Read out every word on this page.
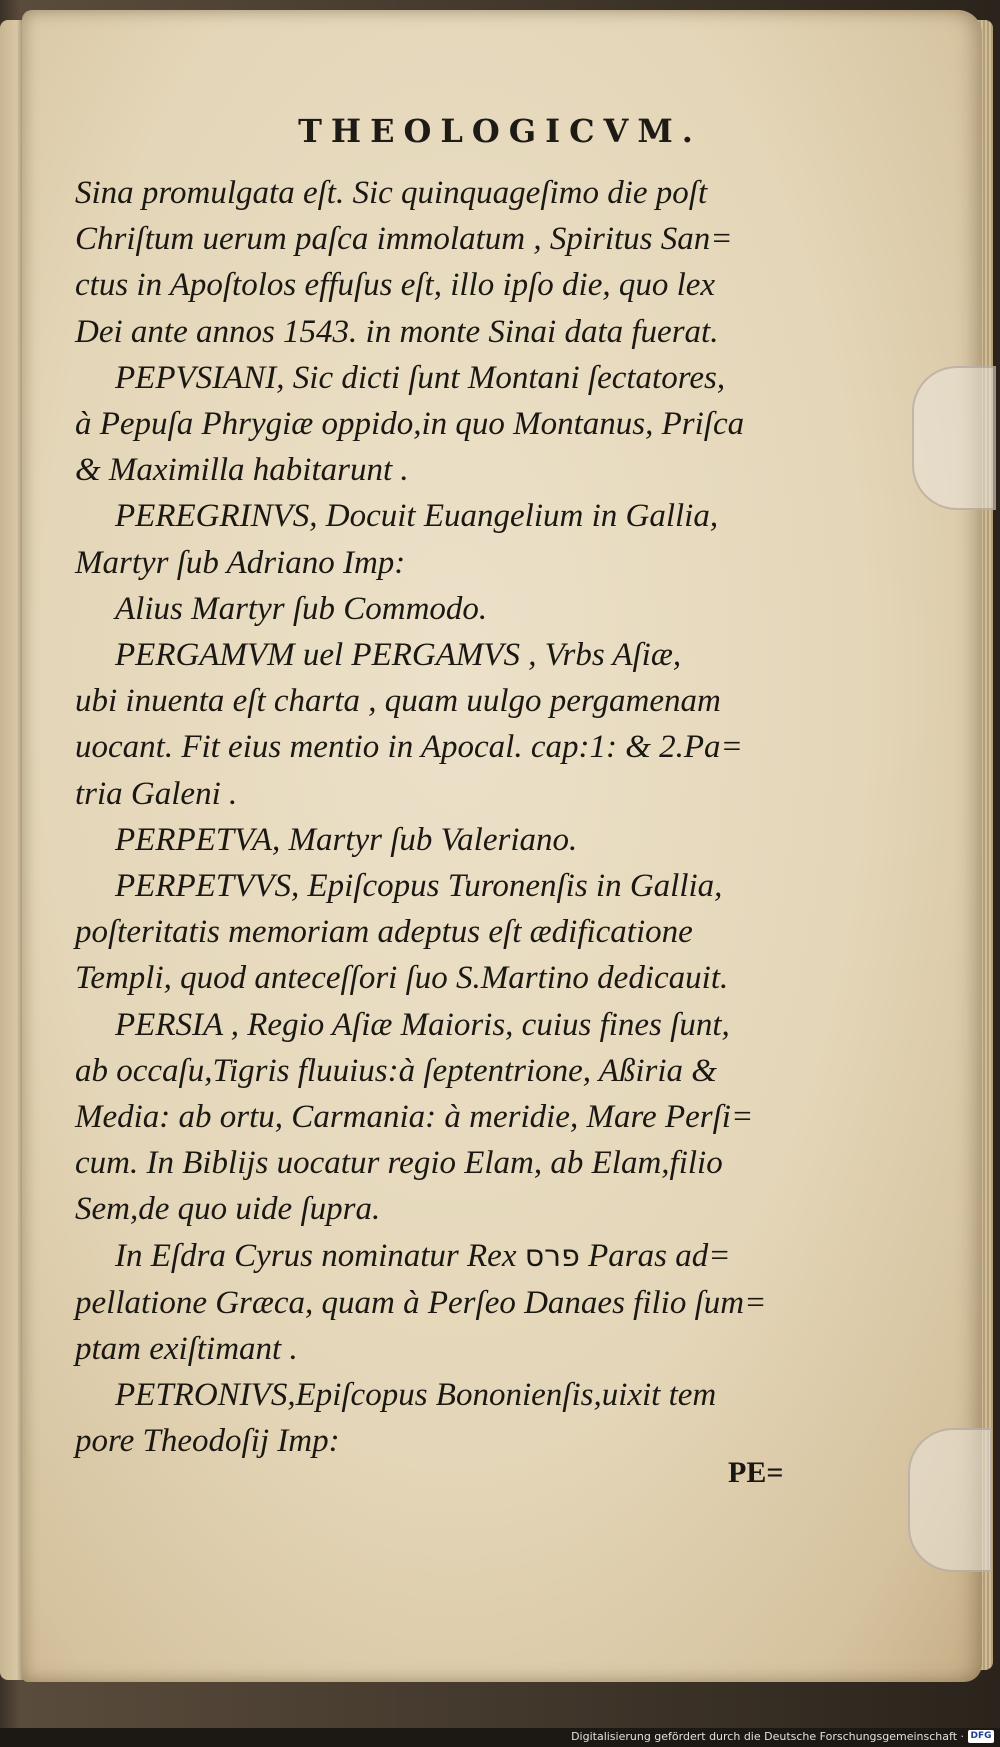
THEOLOGICVM.
Sina promulgata eſt. Sic quinquageſimo die poſt
Chriſtum uerum paſca immolatum , Spiritus San=
ctus in Apoſtolos effuſus eſt, illo ipſo die, quo lex
Dei ante annos 1543. in monte Sinai data fuerat.
PEPVSIANI, Sic dicti ſunt Montani ſectatores,
à Pepuſa Phrygiæ oppido,in quo Montanus, Priſca
& Maximilla habitarunt .
PEREGRINVS, Docuit Euangelium in Gallia,
Martyr ſub Adriano Imp:
Alius Martyr ſub Commodo.
PERGAMVM uel PERGAMVS , Vrbs Aſiæ,
ubi inuenta eſt charta , quam uulgo pergamenam
uocant. Fit eius mentio in Apocal. cap:1: & 2.Pa=
tria Galeni .
PERPETVA, Martyr ſub Valeriano.
PERPETVVS, Epiſcopus Turonenſis in Gallia,
poſteritatis memoriam adeptus eſt ædificatione
Templi, quod anteceſſori ſuo S.Martino dedicauit.
PERSIA , Regio Aſiæ Maioris, cuius fines ſunt,
ab occaſu,Tigris fluuius:à ſeptentrione, Aßiria &
Media: ab ortu, Carmania: à meridie, Mare Perſi=
cum. In Biblijs uocatur regio Elam, ab Elam,filio
Sem,de quo uide ſupra.
In Eſdra Cyrus nominatur Rex פרס Paras ad=
pellatione Græca, quam à Perſeo Danaes filio ſum=
ptam exiſtimant .
PETRONIVS,Epiſcopus Bononienſis,uixit tem
pore Theodoſij Imp:
PE=
Digitalisierung gefördert durch die Deutsche Forschungsgemeinschaft · DFG
